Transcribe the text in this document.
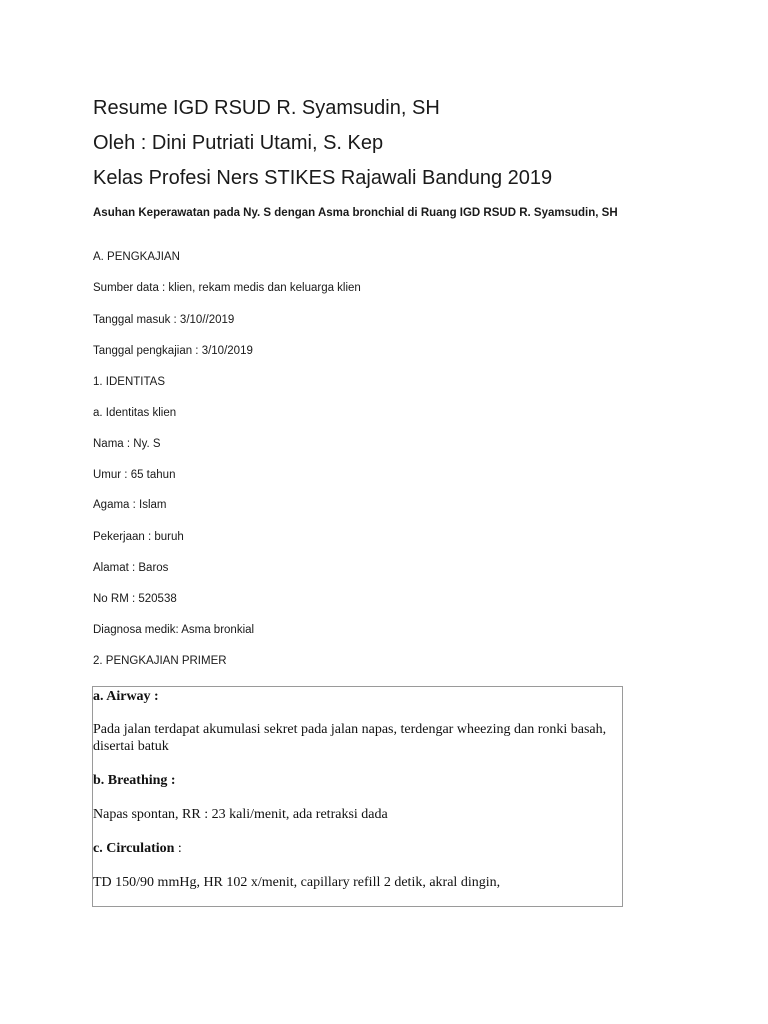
Resume IGD RSUD R. Syamsudin, SH
Oleh : Dini Putriati Utami, S. Kep
Kelas Profesi Ners STIKES Rajawali Bandung 2019

Asuhan Keperawatan pada Ny. S dengan Asma bronchial di Ruang IGD RSUD R. Syamsudin, SH

A. PENGKAJIAN

Sumber data : klien, rekam medis dan keluarga klien

Tanggal masuk : 3/10//2019

Tanggal pengkajian : 3/10/2019

1. IDENTITAS

a. Identitas klien

Nama : Ny. S

Umur : 65 tahun

Agama : Islam

Pekerjaan : buruh

Alamat : Baros

No RM : 520538

Diagnosa medik: Asma bronkial

2. PENGKAJIAN PRIMER

a. Airway :

Pada jalan terdapat akumulasi sekret pada jalan napas, terdengar wheezing dan ronki basah, disertai batuk

b. Breathing :

Napas spontan, RR : 23 kali/menit, ada retraksi dada

c. Circulation :

TD 150/90 mmHg, HR 102 x/menit, capillary refill 2 detik, akral dingin,
